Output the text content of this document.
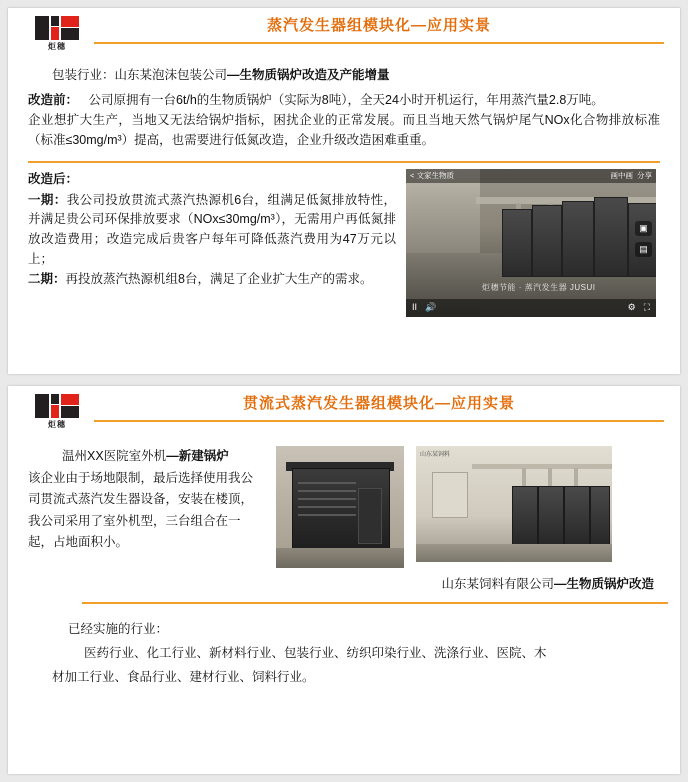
炬穗
蒸汽发生器组模块化—应用实景
包装行业：山东某泡沫包装公司—生物质锅炉改造及产能增量
改造前： 公司原拥有一台6t/h的生物质锅炉（实际为8吨），全天24小时开机运行，年用蒸汽量2.8万吨。
企业想扩大生产，当地又无法给锅炉指标，困扰企业的正常发展。而且当地天然气锅炉尾气NOx化合物排放标准（标准≤30mg/m³）提高，也需要进行低氮改造，企业升级改造困难重重。
改造后：
一期：我公司投放贯流式蒸汽热源机6台，组满足低氮排放特性，并满足贵公司环保排放要求（NOx≤30mg/m³），无需用户再低氮排放改造费用；改造完成后贵客户每年可降低蒸汽费用为47万元以上；
二期：再投放蒸汽热源机组8台，满足了企业扩大生产的需求。
< 文家生物质	画中画 分享
▣
▤
炬穗节能 · 蒸汽发生器 JUSUI
II 🔊	⚙ ⛶
炬穗
贯流式蒸汽发生器组模块化—应用实景
温州XX医院室外机—新建锅炉
该企业由于场地限制，最后选择使用我公司贯流式蒸汽发生器设备，安装在楼顶，我公司采用了室外机型，三台组合在一起，占地面积小。
山东某饲料
山东某饲料有限公司—生物质锅炉改造
已经实施的行业：
医药行业、化工行业、新材料行业、包装行业、纺织印染行业、洗涤行业、医院、木
材加工行业、食品行业、建材行业、饲料行业。
